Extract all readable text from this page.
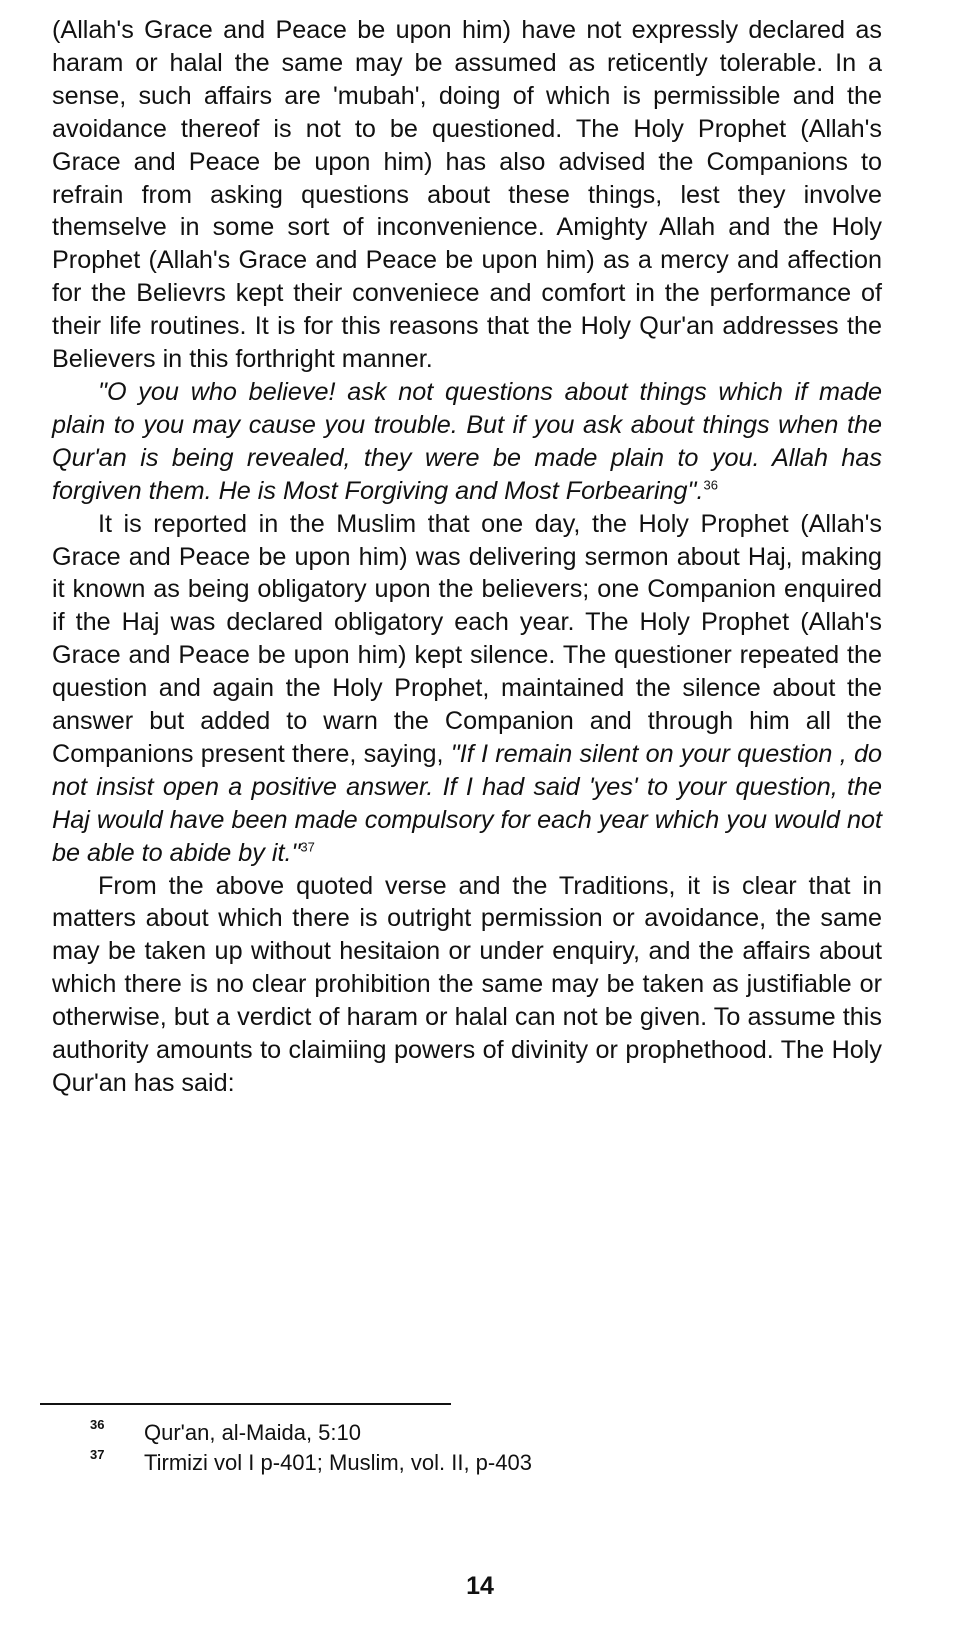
(Allah's Grace and Peace be upon him) have not expressly declared as haram or halal the same may be assumed as reticently tolerable. In a sense, such affairs are 'mubah', doing of which is permissible and the avoidance thereof is not to be questioned. The Holy Prophet (Allah's Grace and Peace be upon him) has also advised the Companions to refrain from asking questions about these things, lest they involve themselve in some sort of inconvenience. Amighty Allah and the Holy Prophet (Allah's Grace and Peace be upon him) as a mercy and affection for the Believrs kept their conveniece and comfort in the performance of their life routines. It is for this reasons that the Holy Qur'an addresses the Believers in this forthright manner.

"O you who believe! ask not questions about things which if made plain to you may cause you trouble. But if you ask about things when the Qur'an is being revealed, they were be made plain to you. Allah has forgiven them. He is Most Forgiving and Most Forbearing".$^{36}$

It is reported in the Muslim that one day, the Holy Prophet (Allah's Grace and Peace be upon him) was delivering sermon about Haj, making it known as being obligatory upon the believers; one Companion enquired if the Haj was declared obligatory each year. The Holy Prophet (Allah's Grace and Peace be upon him) kept silence. The questioner repeated the question and again the Holy Prophet, maintained the silence about the answer but added to warn the Companion and through him all the Companions present there, saying, "If I remain silent on your question , do not insist open a positive answer. If I had said 'yes' to your question, the Haj would have been made compulsory for each year which you would not be able to abide by it."$^{37}$

From the above quoted verse and the Traditions, it is clear that in matters about which there is outright permission or avoidance, the same may be taken up without hesitaion or under enquiry, and the affairs about which there is no clear prohibition the same may be taken as justifiable or otherwise, but a verdict of haram or halal can not be given. To assume this authority amounts to claimiing powers of divinity or prophethood. The Holy Qur'an has said:

36 Qur'an, al-Maida, 5:10

37 Tirmizi vol I p-401; Muslim, vol. II, p-403

14
